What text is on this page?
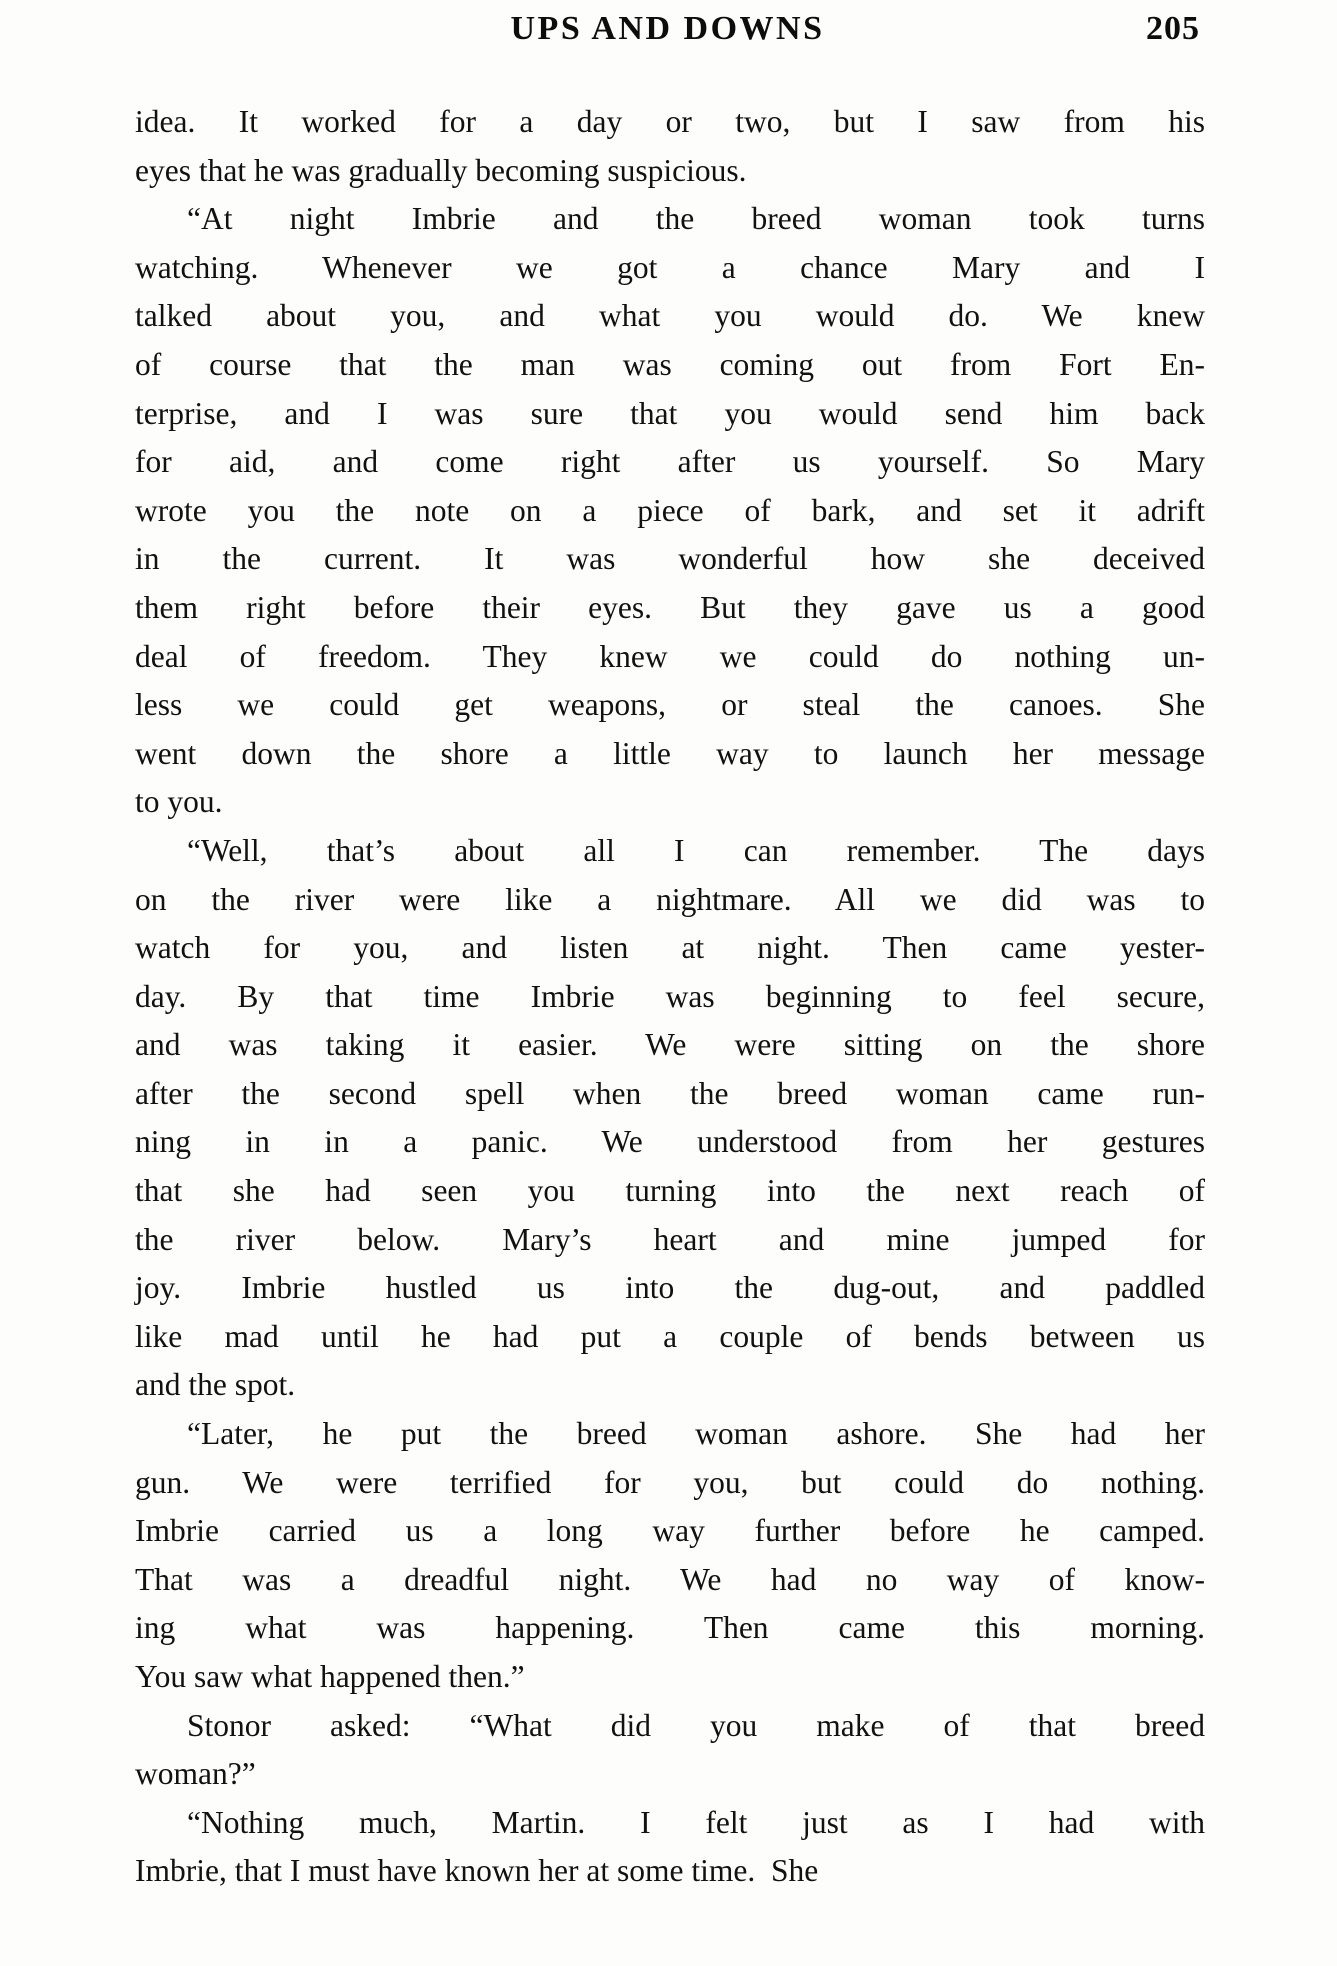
UPS AND DOWNS	205
idea. It worked for a day or two, but I saw from his
eyes that he was gradually becoming suspicious.

“At night Imbrie and the breed woman took turns
watching. Whenever we got a chance Mary and I
talked about you, and what you would do. We knew
of course that the man was coming out from Fort En-
terprise, and I was sure that you would send him back
for aid, and come right after us yourself. So Mary
wrote you the note on a piece of bark, and set it adrift
in the current. It was wonderful how she deceived
them right before their eyes. But they gave us a good
deal of freedom. They knew we could do nothing un-
less we could get weapons, or steal the canoes. She
went down the shore a little way to launch her message
to you.

“Well, that’s about all I can remember. The days
on the river were like a nightmare. All we did was to
watch for you, and listen at night. Then came yester-
day. By that time Imbrie was beginning to feel secure,
and was taking it easier. We were sitting on the shore
after the second spell when the breed woman came run-
ning in in a panic. We understood from her gestures
that she had seen you turning into the next reach of
the river below. Mary’s heart and mine jumped for
joy. Imbrie hustled us into the dug-out, and paddled
like mad until he had put a couple of bends between us
and the spot.

“Later, he put the breed woman ashore. She had her
gun. We were terrified for you, but could do nothing.
Imbrie carried us a long way further before he camped.
That was a dreadful night. We had no way of know-
ing what was happening. Then came this morning.
You saw what happened then.”

Stonor asked: “What did you make of that breed
woman?”

“Nothing much, Martin. I felt just as I had with
Imbrie, that I must have known her at some time.  She
